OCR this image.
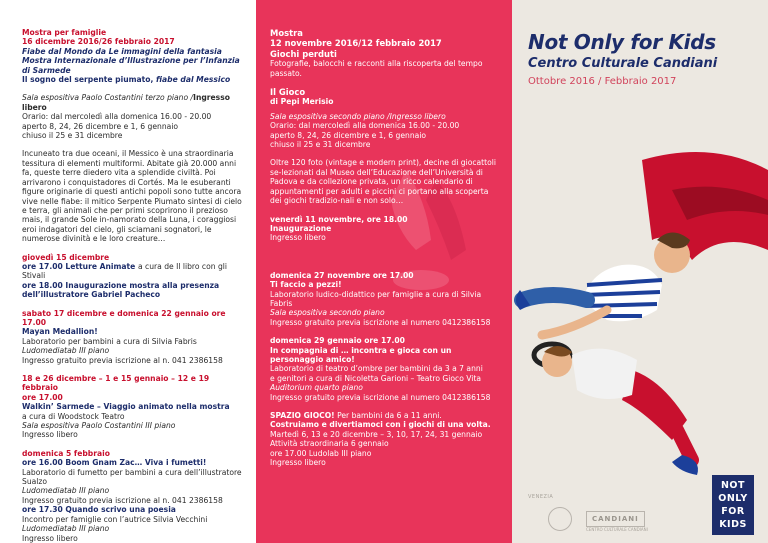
Mostra per famiglie
16 dicembre 2016/26 febbraio 2017
Fiabe dal Mondo da Le immagini della fantasia
Mostra Internazionale d’Illustrazione per l’Infanzia
di Sarmede
Il sogno del serpente piumato, fiabe dal Messico
Sala espositiva Paolo Costantini terzo piano /Ingresso libero
Orario: dal mercoledì alla domenica 16.00 - 20.00
aperto 8, 24, 26 dicembre e 1, 6 gennaio
chiuso il 25 e 31 dicembre

Incuneato tra due oceani, il Messico è una straordinaria tessitura di elementi multiformi. Abitate già 20.000 anni fa, queste terre diedero vita a splendide civiltà. Poi arrivarono i conquistadores di Cortés. Ma le esuberanti figure originarie di questi antichi popoli sono tutte ancora vive nelle fiabe: il mitico Serpente Piumato sintesi di cielo e terra, gli animali che per primi scoprirono il prezioso mais, il grande Sole in-namorato della Luna, i coraggiosi eroi indagatori del cielo, gli sciamani sognatori, le numerose divinità e le loro creature…

giovedì 15 dicembre
ore 17.00 Letture Animate a cura de Il libro con gli Stivali
ore 18.00 Inaugurazione mostra alla presenza
dell’illustratore Gabriel Pacheco
sabato 17 dicembre e domenica 22 gennaio ore 17.00
Mayan Medallion!
Laboratorio per bambini a cura di Silvia Fabris
Ludomediatab III piano
Ingresso gratuito previa iscrizione al n. 041 2386158
18 e 26 dicembre – 1 e 15 gennaio – 12 e 19 febbraio
ore 17.00
Walkin’ Sarmede – Viaggio animato nella mostra
a cura di Woodstock Teatro
Sala espositiva Paolo Costantini III piano
Ingresso libero
domenica 5 febbraio
ore 16.00 Boom Gnam Zac… Viva i fumetti!
Laboratorio di fumetto per bambini a cura dell’illustratore
Sualzo
Ludomediatab III piano
Ingresso gratuito previa iscrizione al n. 041 2386158
ore 17.30 Quando scrivo una poesia
Incontro per famiglie con l’autrice Silvia Vecchini
Ludomediatab III piano
Ingresso libero
Mostra
12 novembre 2016/12 febbraio 2017
Giochi perduti
Fotografie, balocchi e racconti alla riscoperta del tempo passato.
Il Gioco
di Pepi Merisio
Sala espositiva secondo piano /Ingresso libero
Orario: dal mercoledì alla domenica 16.00 - 20.00
aperto 8, 24, 26 dicembre e 1, 6 gennaio
chiuso il 25 e 31 dicembre

Oltre 120 foto (vintage e modern print), decine di giocattoli se-lezionati dal Museo dell’Educazione dell’Università di Padova e da collezione privata, un ricco calendario di appuntamenti per adulti e piccini ci portano alla scoperta dei giochi tradizio-nali e non solo…

venerdì 11 novembre, ore 18.00
Inaugurazione
Ingresso libero
domenica 27 novembre ore 17.00
Ti faccio a pezzi!
Laboratorio ludico-didattico per famiglie a cura di Silvia Fabris
Sala espositiva secondo piano
Ingresso gratuito previa iscrizione al numero 0412386158
domenica 29 gennaio ore 17.00
In compagnia di … incontra e gioca con un personaggio amico!
Laboratorio di teatro d’ombre per bambini da 3 a 7 anni
e genitori a cura di Nicoletta Garioni – Teatro Gioco Vita
Auditorium quarto piano
Ingresso gratuito previa iscrizione al numero 0412386158
SPAZIO GIOCO! Per bambini da 6 a 11 anni.
Costruiamo e divertiamoci con i giochi di una volta.
Martedì 6, 13 e 20 dicembre – 3, 10, 17, 24, 31 gennaio
Attività straordinaria 6 gennaio
ore 17.00 Ludolab III piano
Ingresso libero
Not Only for Kids
Centro Culturale Candiani
Ottobre 2016 / Febbraio 2017
VENEZIA
CANDIANI
CENTRO CULTURALE CANDIANI
NOT
ONLY
FOR
KIDS
